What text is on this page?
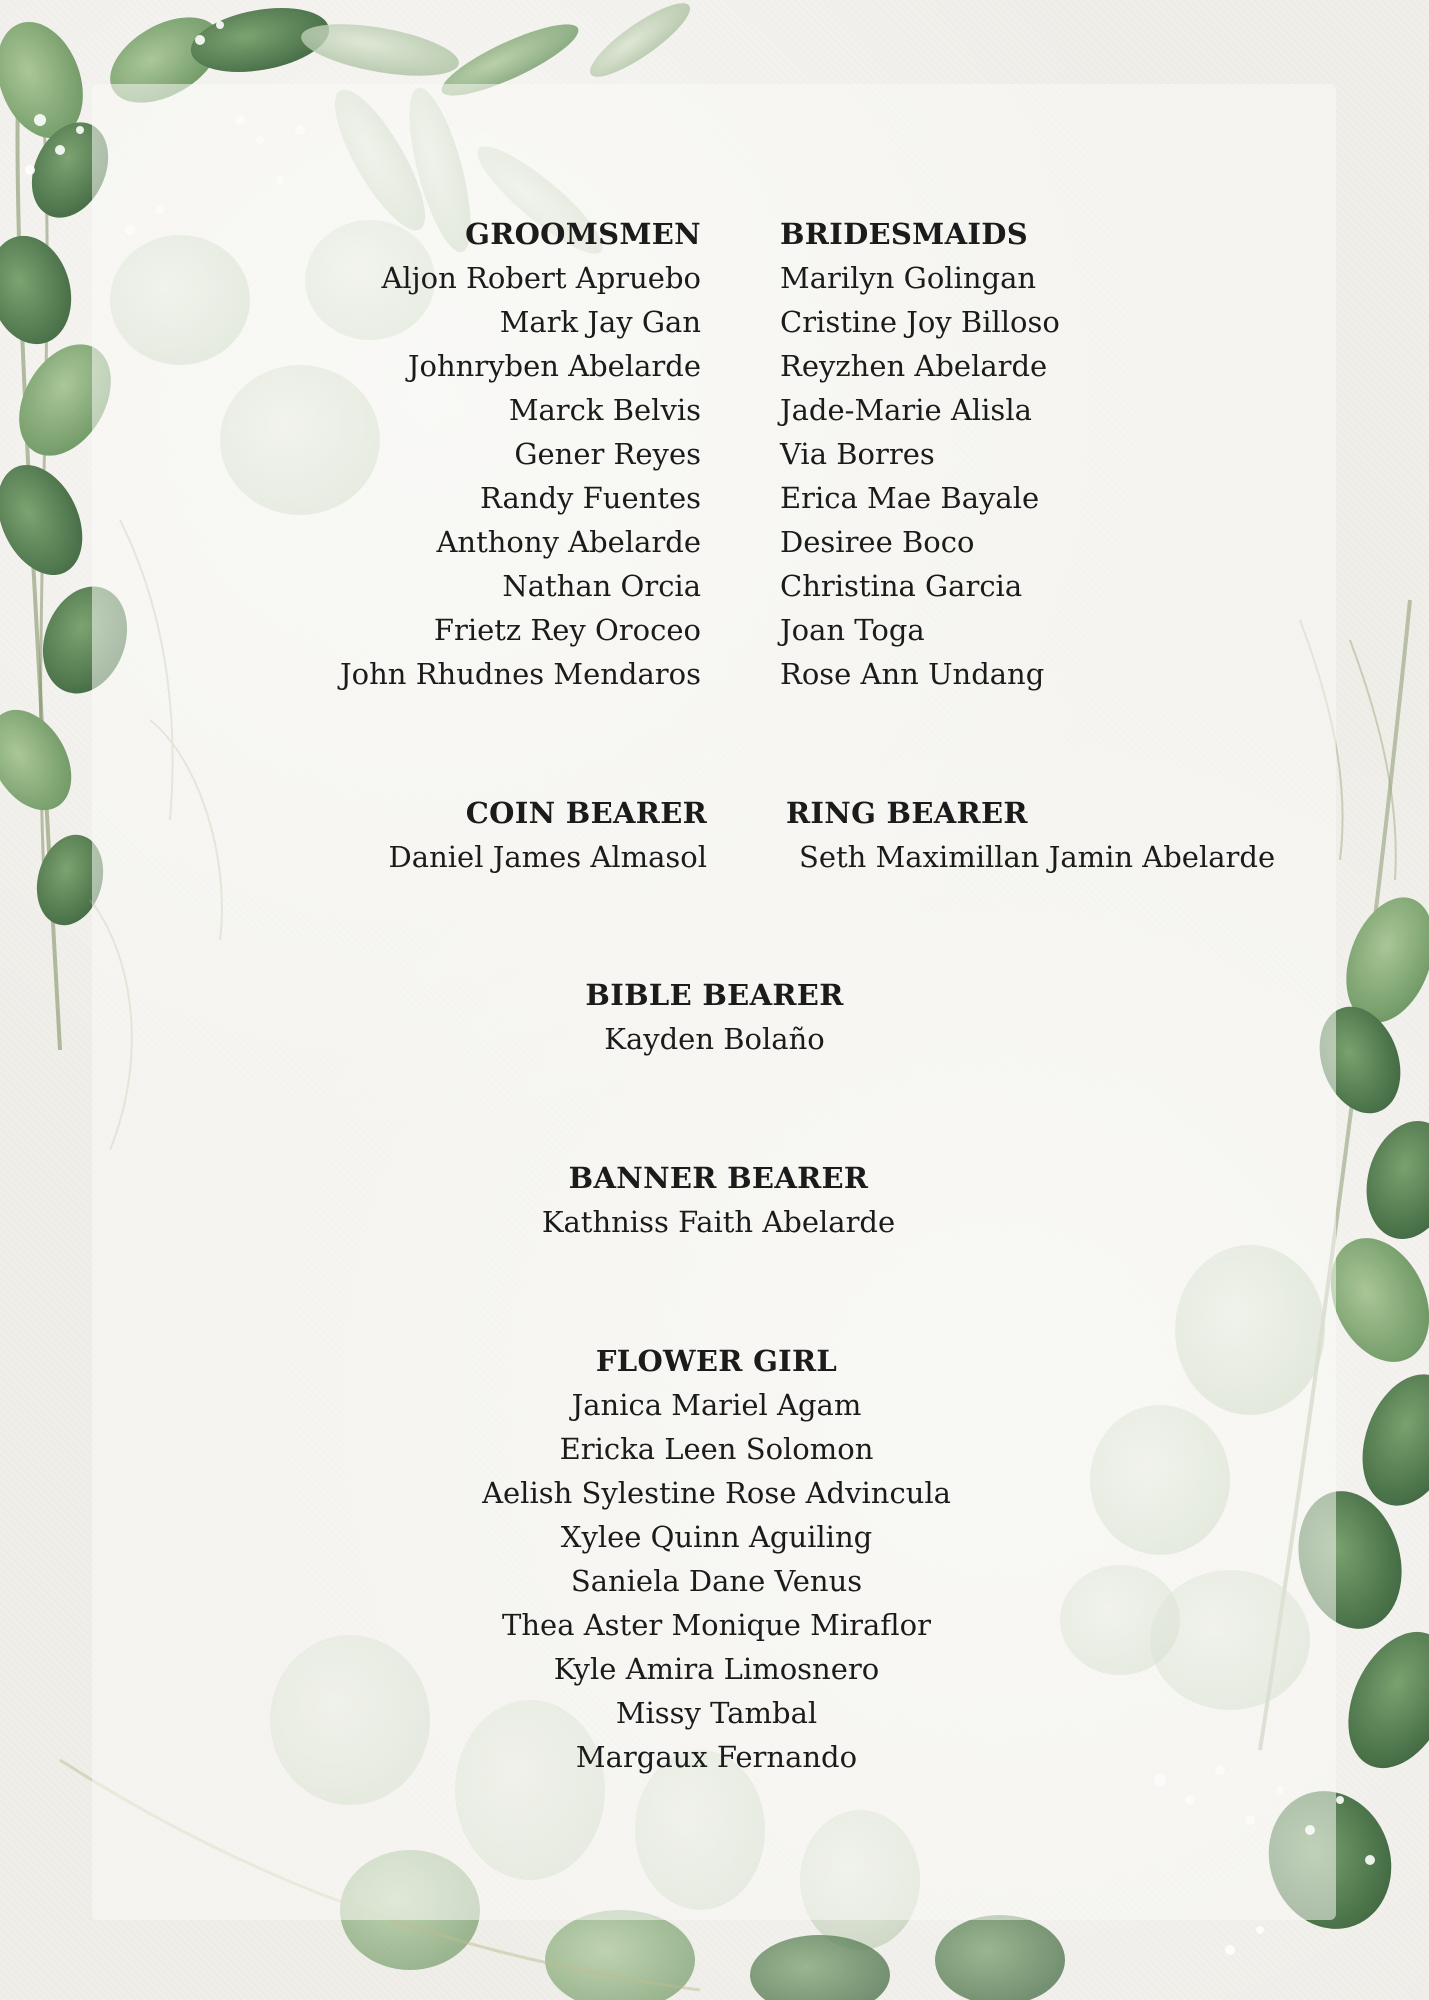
GROOMSMEN
Aljon Robert Apruebo
Mark Jay Gan
Johnryben Abelarde
Marck Belvis
Gener Reyes
Randy Fuentes
Anthony Abelarde
Nathan Orcia
Frietz Rey Oroceo
John Rhudnes Mendaros
BRIDESMAIDS
Marilyn Golingan
Cristine Joy Billoso
Reyzhen Abelarde
Jade-Marie Alisla
Via Borres
Erica Mae Bayale
Desiree Boco
Christina Garcia
Joan Toga
Rose Ann Undang
COIN BEARER
Daniel James Almasol
RING BEARER
Seth Maximillan Jamin Abelarde
BIBLE BEARER
Kayden Bolaño
BANNER BEARER
Kathniss Faith Abelarde
FLOWER GIRL
Janica Mariel Agam
Ericka Leen Solomon
Aelish Sylestine Rose Advincula
Xylee Quinn Aguiling
Saniela Dane Venus
Thea Aster Monique Miraflor
Kyle Amira Limosnero
Missy Tambal
Margaux Fernando
